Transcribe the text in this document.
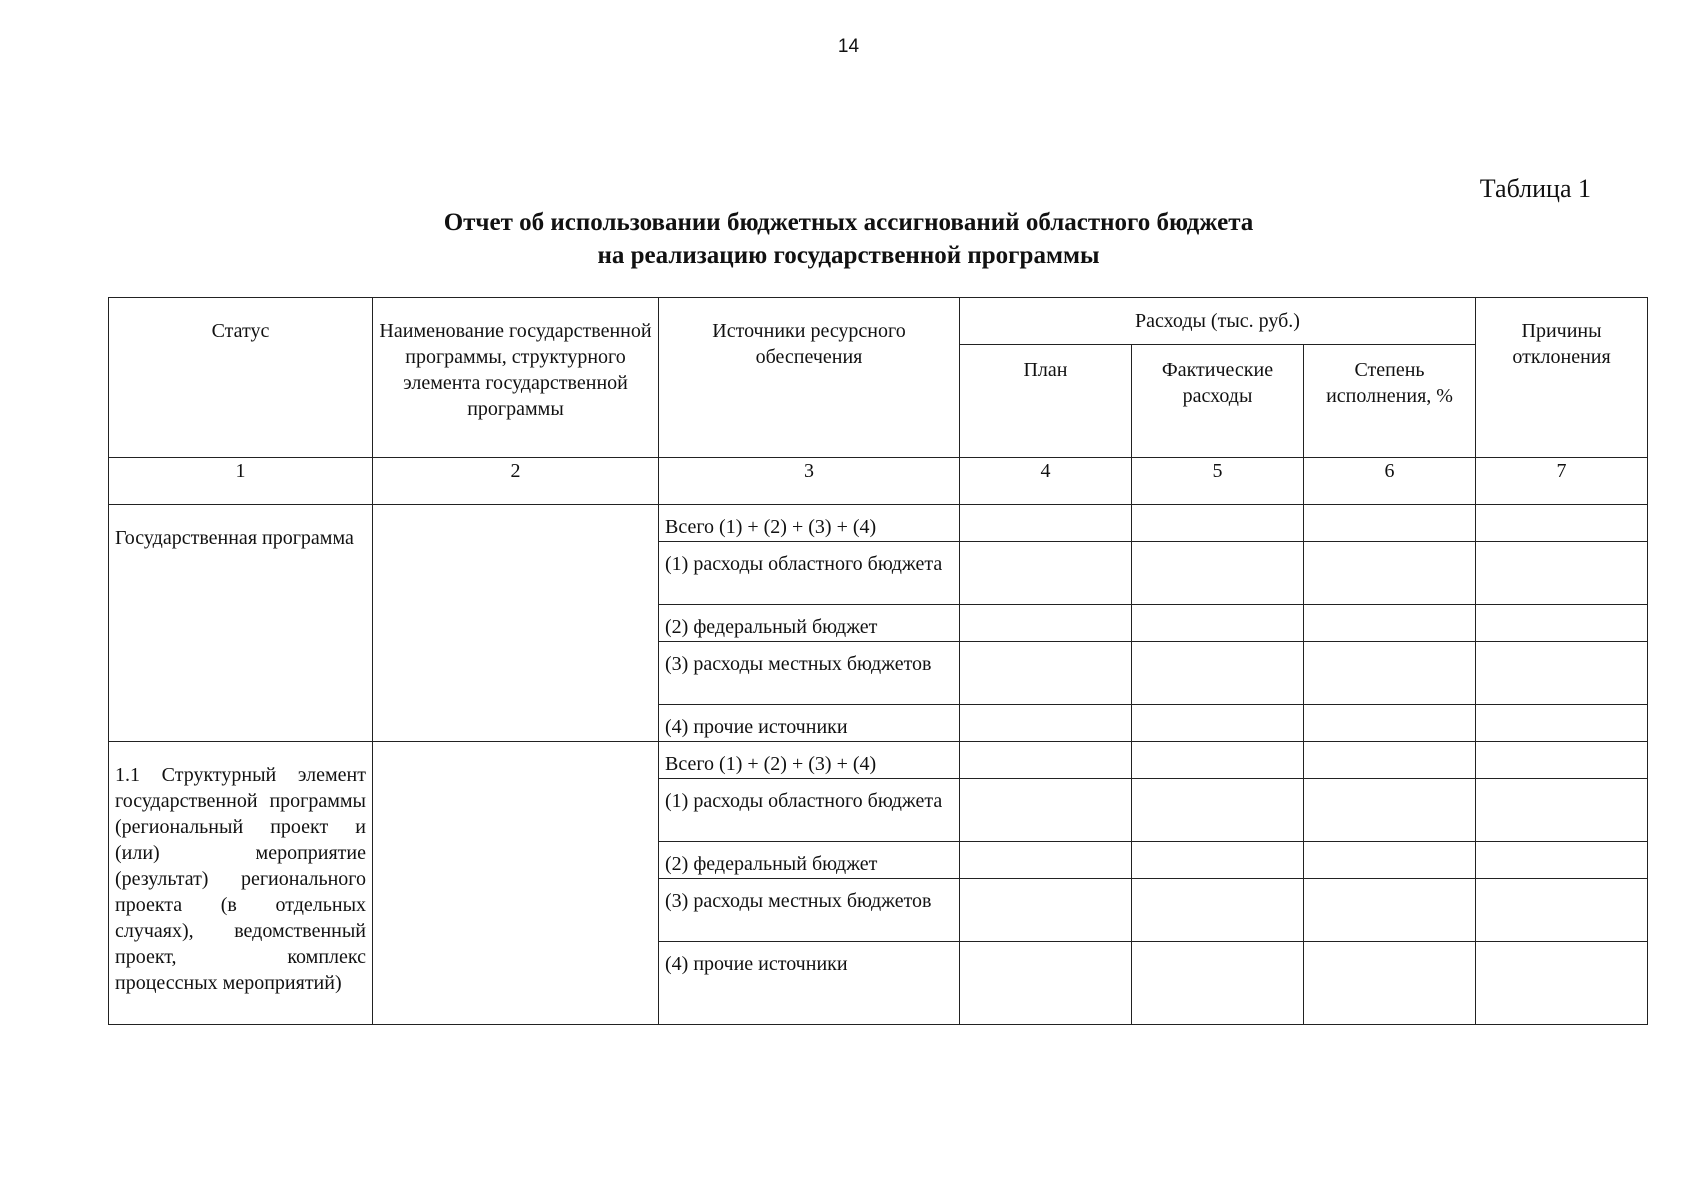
14
Таблица 1
Отчет об использовании бюджетных ассигнований областного бюджета
на реализацию государственной программы
Статус	Наименование государственной программы, структурного элемента государственной программы	Источники ресурсного обеспечения	Расходы (тыс. руб.)			Причины отклонения
			План	Фактические расходы	Степень исполнения, %	
1	2	3	4	5	6	7
Государственная программа		Всего (1) + (2) + (3) + (4)				
		(1) расходы областного бюджета				
		(2) федеральный бюджет				
		(3) расходы местных бюджетов				
		(4) прочие источники				
1.1 Структурный элемент государственной программы (региональный проект и (или) мероприятие (результат) регионального проекта (в отдельных случаях), ведомственный проект, комплекс процессных мероприятий)		Всего (1) + (2) + (3) + (4)				
		(1) расходы областного бюджета				
		(2) федеральный бюджет				
		(3) расходы местных бюджетов				
		(4) прочие источники				
